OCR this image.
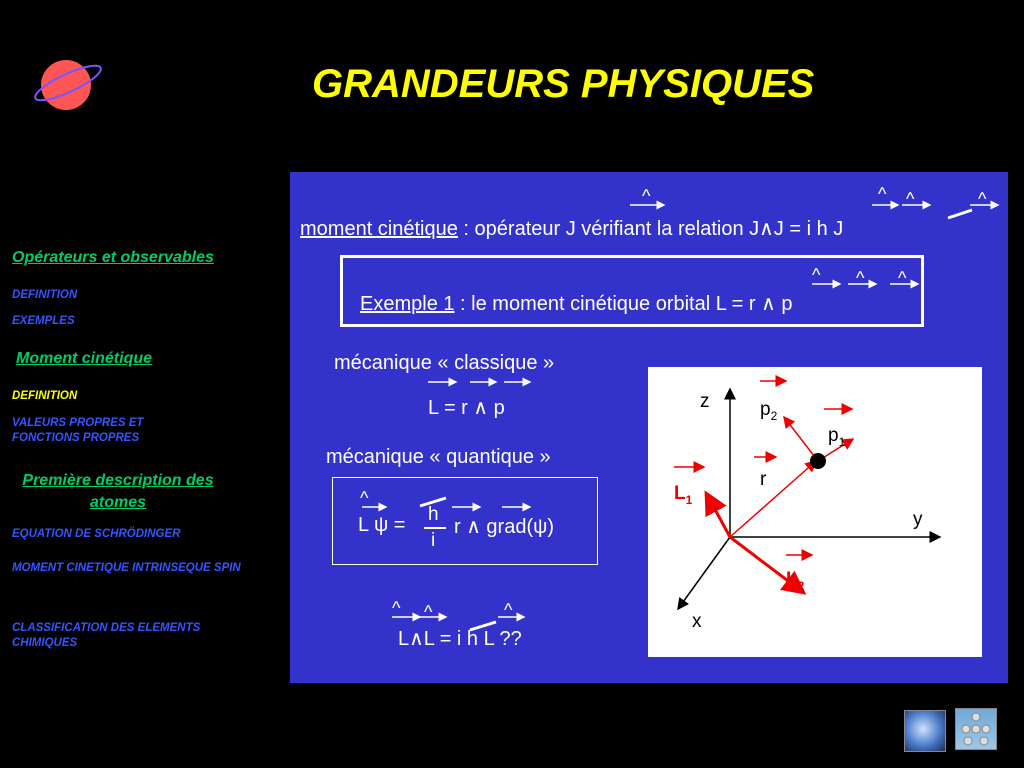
GRANDEURS PHYSIQUES
Opérateurs et observables
DEFINITION
EXEMPLES
Moment cinétique
DEFINITION
VALEURS PROPRES ET FONCTIONS PROPRES
Première description des atomes
EQUATION DE SCHRÖDINGER
MOMENT CINETIQUE INTRINSEQUE SPIN
CLASSIFICATION DES ELEMENTS CHIMIQUES
^	^ ^	^
^ ^ ^
^
^ ^	^
moment cinétique : opérateur J vérifiant la relation J∧J = i h J
Exemple 1 : le moment cinétique orbital L = r ∧ p
mécanique « classique »
L = r ∧ p
mécanique « quantique »
L ψ = h
i
r ∧ grad(ψ)
L∧L = i h L ??
z
y
x
$p_2$
$p_1$
r
$L_1$
$L_2$
